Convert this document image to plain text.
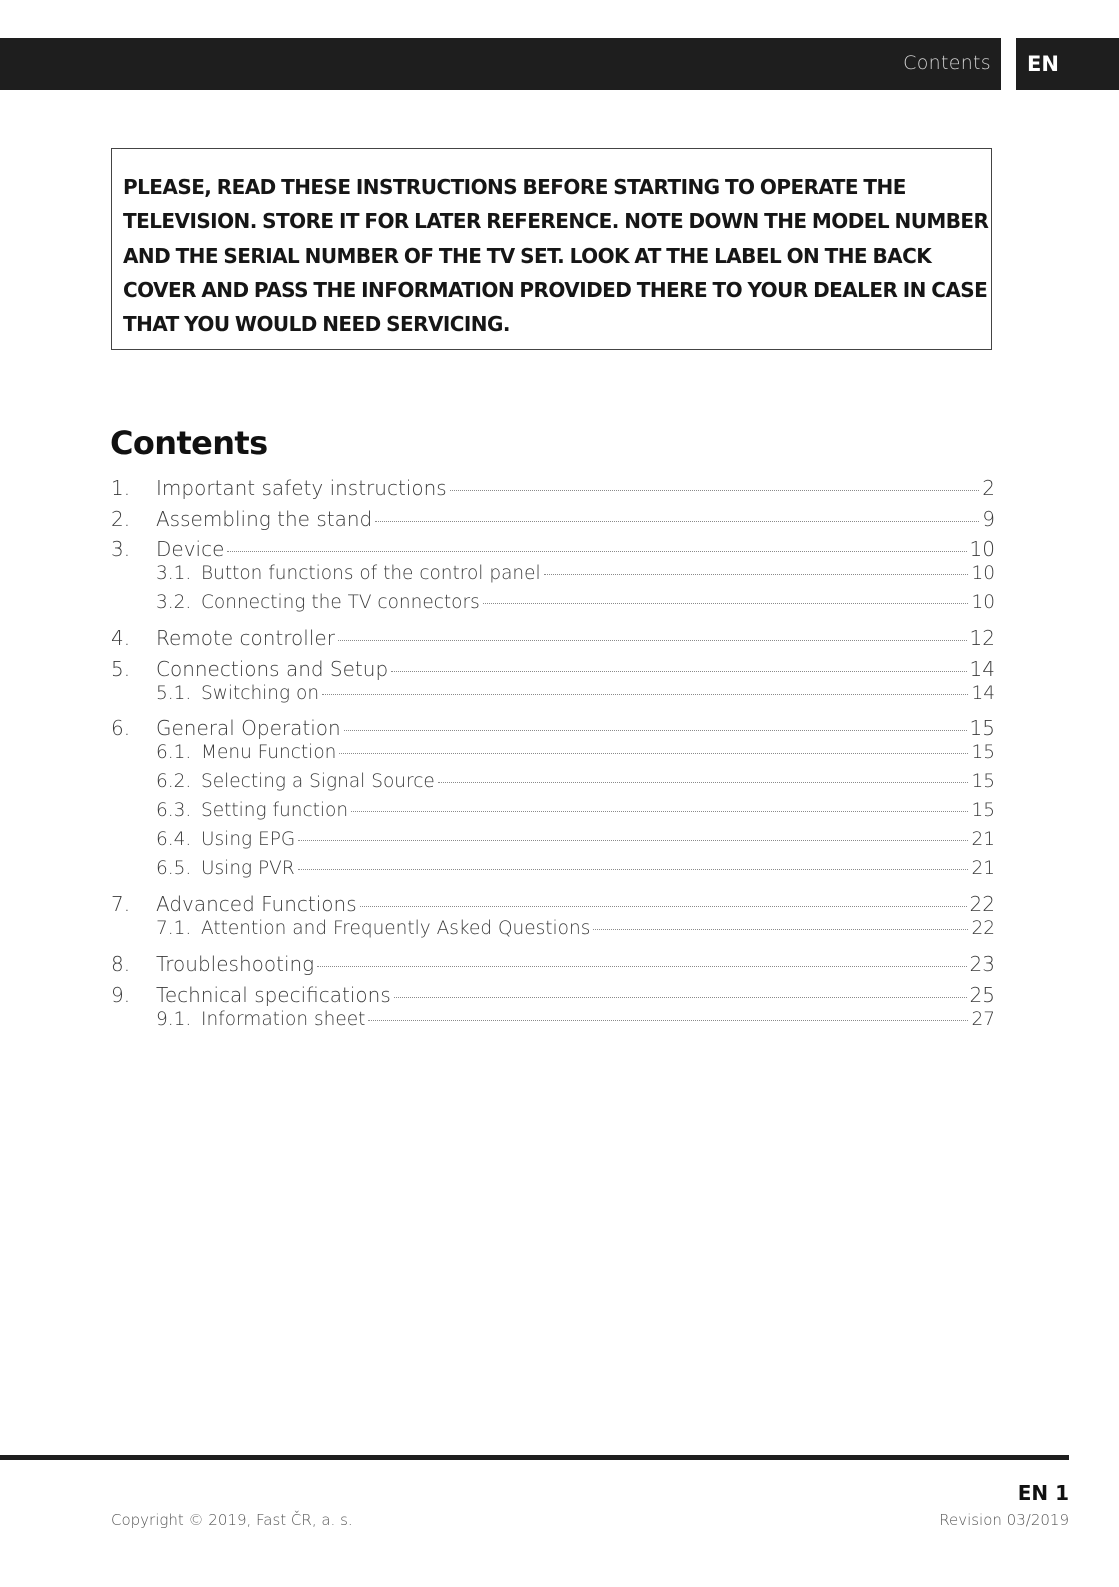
Contents	EN

PLEASE, READ THESE INSTRUCTIONS BEFORE STARTING TO OPERATE THE
TELEVISION. STORE IT FOR LATER REFERENCE. NOTE DOWN THE MODEL NUMBER
AND THE SERIAL NUMBER OF THE TV SET. LOOK AT THE LABEL ON THE BACK
COVER AND PASS THE INFORMATION PROVIDED THERE TO YOUR DEALER IN CASE
THAT YOU WOULD NEED SERVICING.

Contents
1.	Important safety instructions	2
2.	Assembling the stand	9
3.	Device	10
3.1. Button functions of the control panel	10
3.2. Connecting the TV connectors	10
4.	Remote controller	12
5.	Connections and Setup	14
5.1. Switching on	14
6.	General Operation	15
6.1. Menu Function	15
6.2. Selecting a Signal Source	15
6.3. Setting function	15
6.4. Using EPG	21
6.5. Using PVR	21
7.	Advanced Functions	22
7.1. Attention and Frequently Asked Questions	22
8.	Troubleshooting	23
9.	Technical specifications	25
9.1. Information sheet	27
EN 1
Copyright © 2019, Fast ČR, a. s.	Revision 03/2019
